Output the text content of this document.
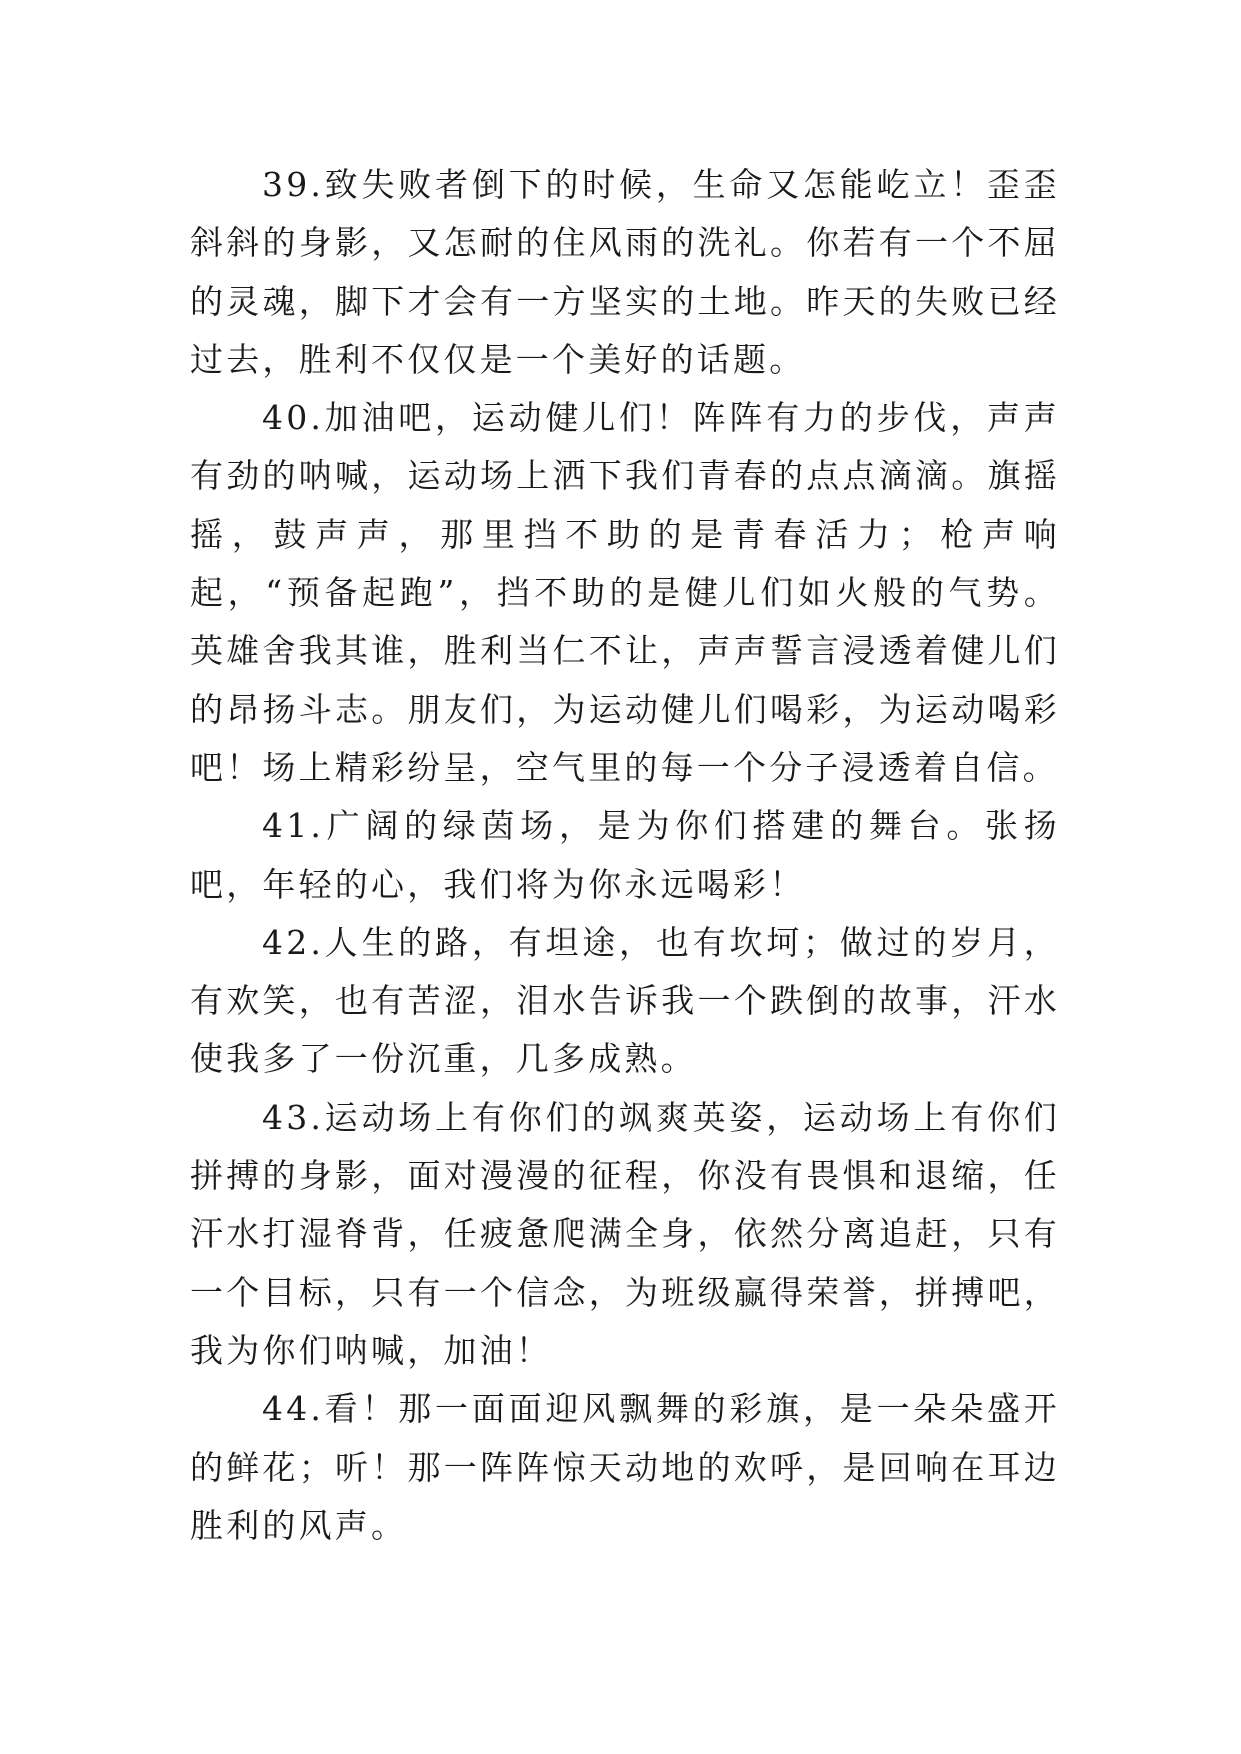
39.致失败者倒下的时候，生命又怎能屹立！歪歪斜斜的身影，又怎耐的住风雨的洗礼。你若有一个不屈的灵魂，脚下才会有一方坚实的土地。昨天的失败已经过去，胜利不仅仅是一个美好的话题。

40.加油吧，运动健儿们！阵阵有力的步伐，声声有劲的呐喊，运动场上洒下我们青春的点点滴滴。旗摇摇，鼓声声，那里挡不助的是青春活力；枪声响起，“预备起跑”，挡不助的是健儿们如火般的气势。英雄舍我其谁，胜利当仁不让，声声誓言浸透着健儿们的昂扬斗志。朋友们，为运动健儿们喝彩，为运动喝彩吧！场上精彩纷呈，空气里的每一个分子浸透着自信。

41.广阔的绿茵场，是为你们搭建的舞台。张扬吧，年轻的心，我们将为你永远喝彩！

42.人生的路，有坦途，也有坎坷；做过的岁月，有欢笑，也有苦涩，泪水告诉我一个跌倒的故事，汗水使我多了一份沉重，几多成熟。

43.运动场上有你们的飒爽英姿，运动场上有你们拼搏的身影，面对漫漫的征程，你没有畏惧和退缩，任汗水打湿脊背，任疲惫爬满全身，依然分离追赶，只有一个目标，只有一个信念，为班级赢得荣誉，拼搏吧，我为你们呐喊，加油！

44.看！那一面面迎风飘舞的彩旗，是一朵朵盛开的鲜花；听！那一阵阵惊天动地的欢呼，是回响在耳边胜利的风声。
